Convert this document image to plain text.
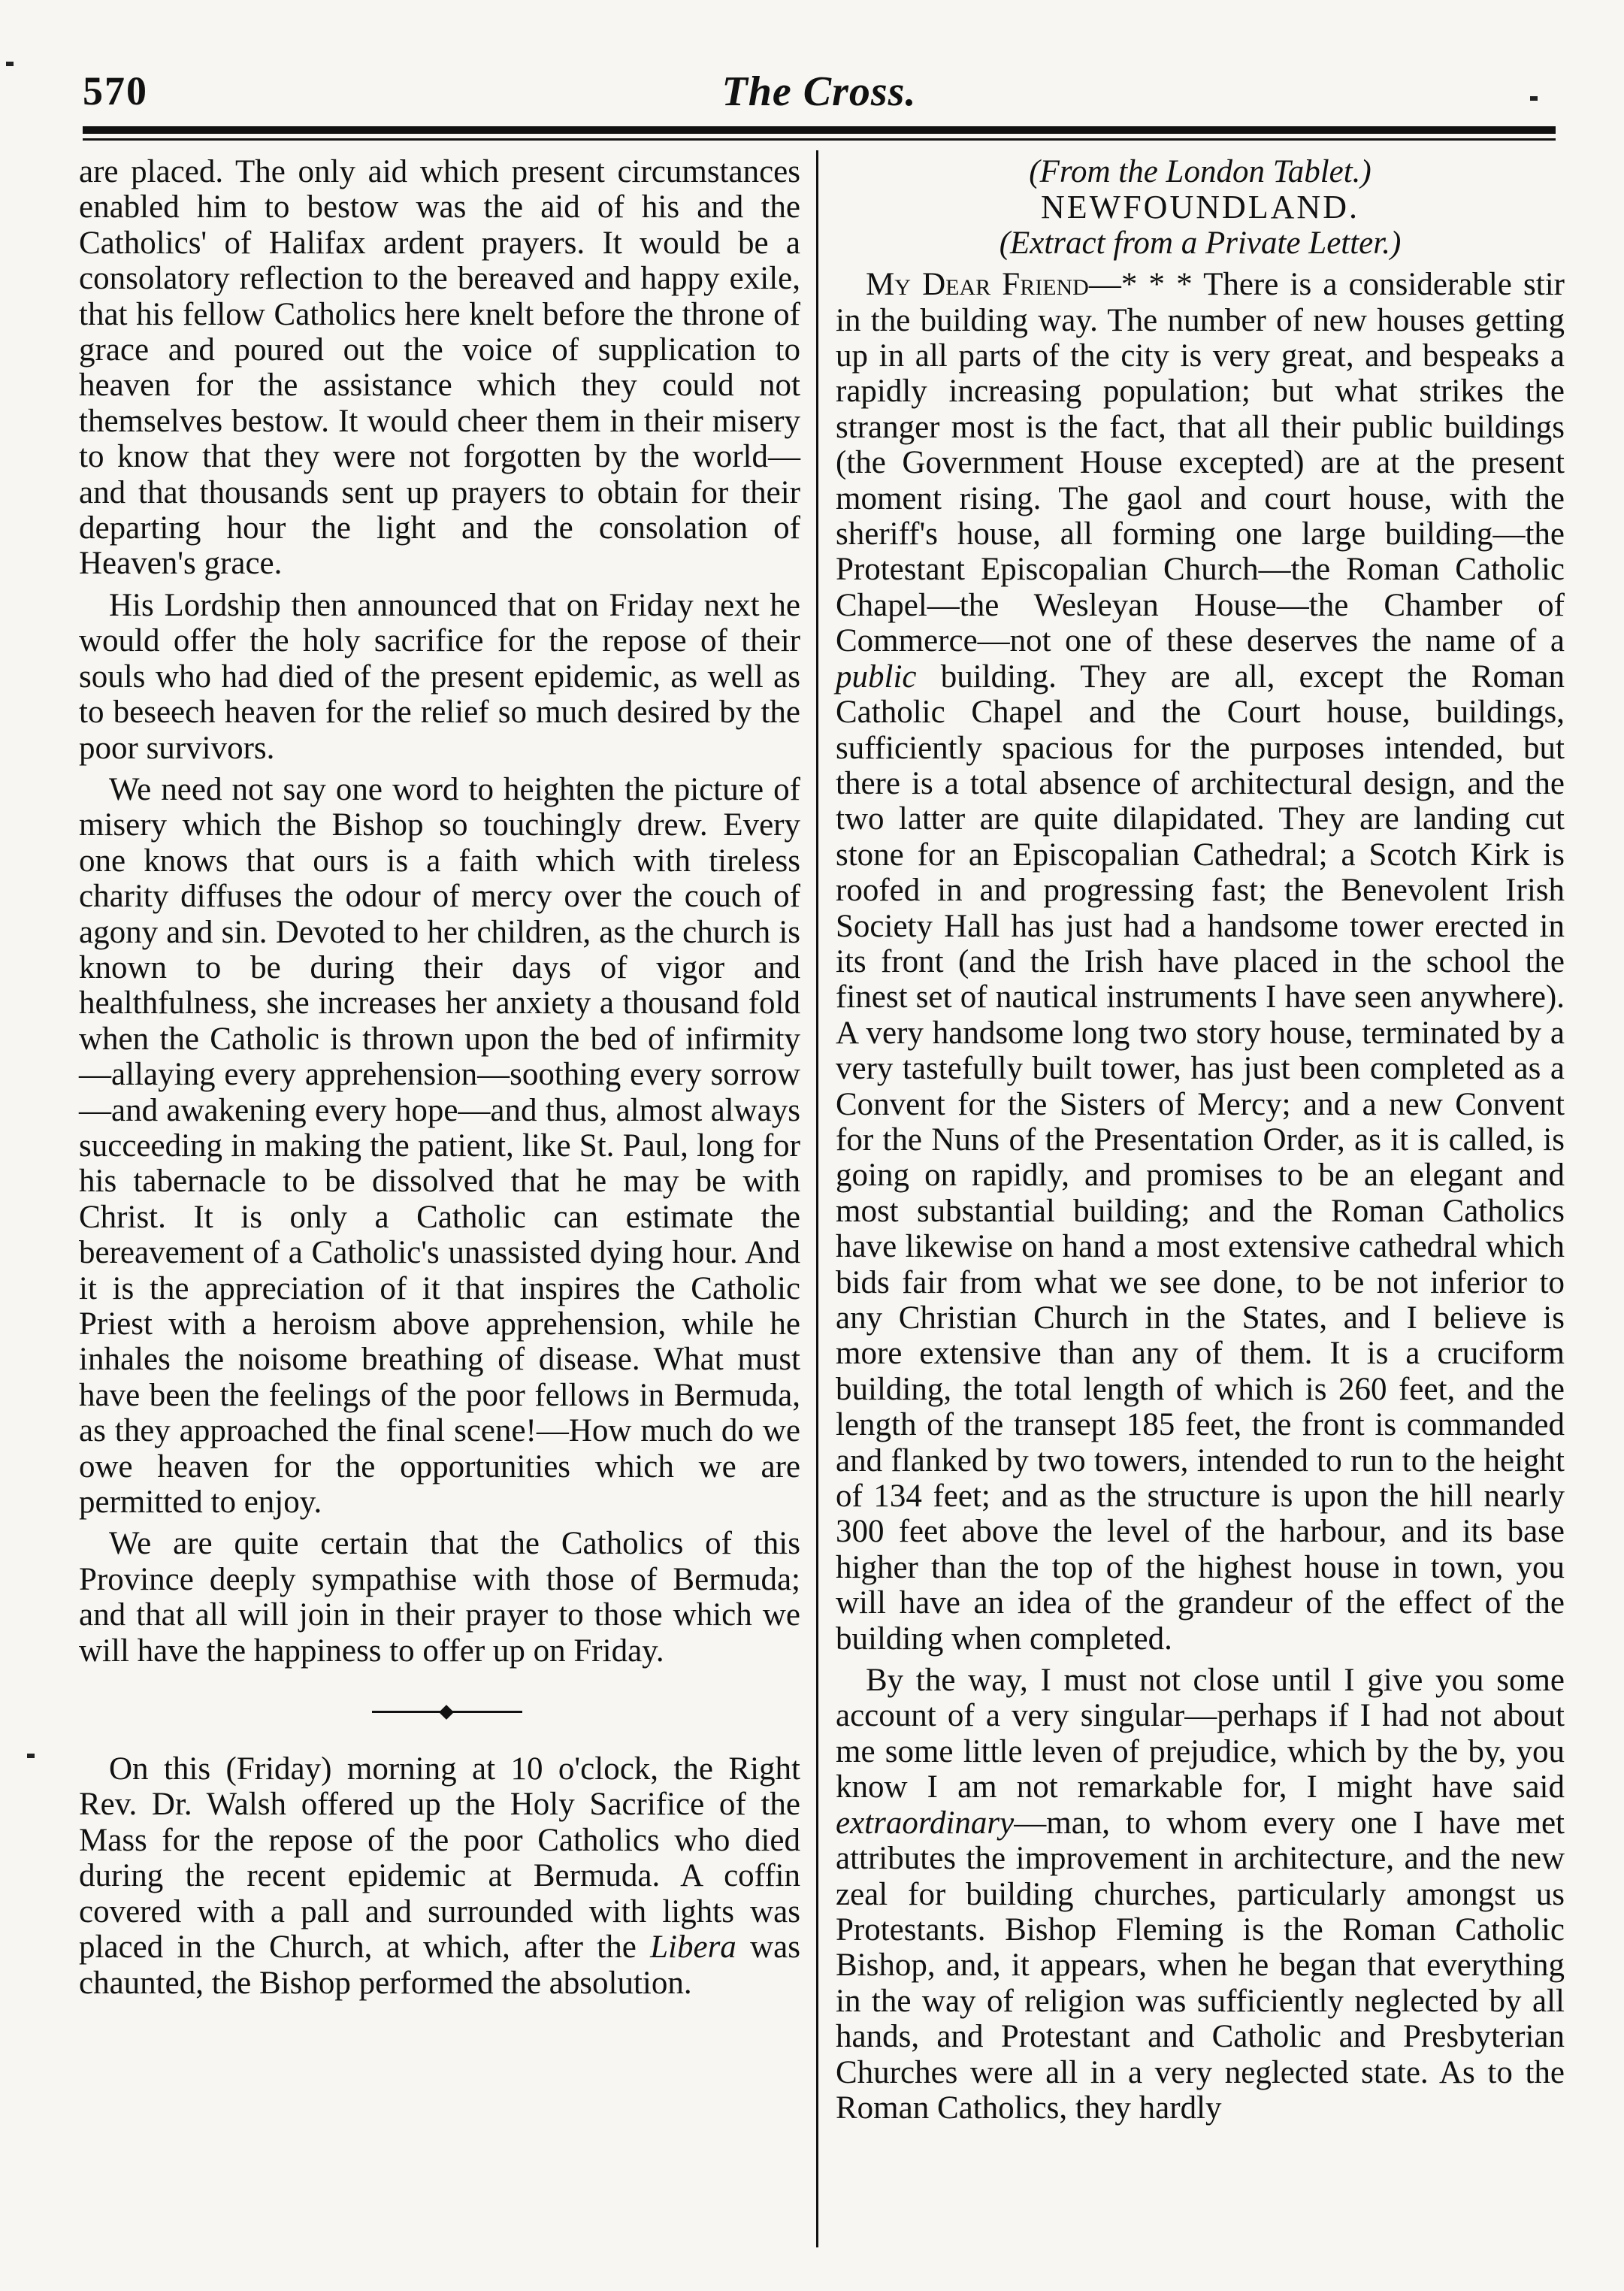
570	The Cross.

are placed. The only aid which present circumstances enabled him to bestow was the aid of his and the Catholics' of Halifax ardent prayers. It would be a consolatory reflection to the bereaved and happy exile, that his fellow Catholics here knelt before the throne of grace and poured out the voice of supplication to heaven for the assistance which they could not themselves bestow. It would cheer them in their misery to know that they were not forgotten by the world—and that thousands sent up prayers to obtain for their departing hour the light and the consolation of Heaven's grace.

His Lordship then announced that on Friday next he would offer the holy sacrifice for the repose of their souls who had died of the present epidemic, as well as to beseech heaven for the relief so much desired by the poor survivors.

We need not say one word to heighten the picture of misery which the Bishop so touchingly drew. Every one knows that ours is a faith which with tireless charity diffuses the odour of mercy over the couch of agony and sin. Devoted to her children, as the church is known to be during their days of vigor and healthfulness, she increases her anxiety a thousand fold when the Catholic is thrown upon the bed of infirmity—allaying every apprehension—soothing every sorrow—and awakening every hope—and thus, almost always succeeding in making the patient, like St. Paul, long for his tabernacle to be dissolved that he may be with Christ. It is only a Catholic can estimate the bereavement of a Catholic's unassisted dying hour. And it is the appreciation of it that inspires the Catholic Priest with a heroism above apprehension, while he inhales the noisome breathing of disease. What must have been the feelings of the poor fellows in Bermuda, as they approached the final scene!—How much do we owe heaven for the opportunities which we are permitted to enjoy.

We are quite certain that the Catholics of this Province deeply sympathise with those of Bermuda; and that all will join in their prayer to those which we will have the happiness to offer up on Friday.

On this (Friday) morning at 10 o'clock, the Right Rev. Dr. Walsh offered up the Holy Sacrifice of the Mass for the repose of the poor Catholics who died during the recent epidemic at Bermuda. A coffin covered with a pall and surrounded with lights was placed in the Church, at which, after the Libera was chaunted, the Bishop performed the absolution.

(From the London Tablet.)

NEWFOUNDLAND.

(Extract from a Private Letter.)

My Dear Friend—* * * There is a considerable stir in the building way. The number of new houses getting up in all parts of the city is very great, and bespeaks a rapidly increasing population; but what strikes the stranger most is the fact, that all their public buildings (the Government House excepted) are at the present moment rising. The gaol and court house, with the sheriff's house, all forming one large building—the Protestant Episcopalian Church—the Roman Catholic Chapel—the Wesleyan House—the Chamber of Commerce—not one of these deserves the name of a public building. They are all, except the Roman Catholic Chapel and the Court house, buildings, sufficiently spacious for the purposes intended, but there is a total absence of architectural design, and the two latter are quite dilapidated. They are landing cut stone for an Episcopalian Cathedral; a Scotch Kirk is roofed in and progressing fast; the Benevolent Irish Society Hall has just had a handsome tower erected in its front (and the Irish have placed in the school the finest set of nautical instruments I have seen anywhere). A very handsome long two story house, terminated by a very tastefully built tower, has just been completed as a Convent for the Sisters of Mercy; and a new Convent for the Nuns of the Presentation Order, as it is called, is going on rapidly, and promises to be an elegant and most substantial building; and the Roman Catholics have likewise on hand a most extensive cathedral which bids fair from what we see done, to be not inferior to any Christian Church in the States, and I believe is more extensive than any of them. It is a cruciform building, the total length of which is 260 feet, and the length of the transept 185 feet, the front is commanded and flanked by two towers, intended to run to the height of 134 feet; and as the structure is upon the hill nearly 300 feet above the level of the harbour, and its base higher than the top of the highest house in town, you will have an idea of the grandeur of the effect of the building when completed.

By the way, I must not close until I give you some account of a very singular—perhaps if I had not about me some little leven of prejudice, which by the by, you know I am not remarkable for, I might have said extraordinary—man, to whom every one I have met attributes the improvement in architecture, and the new zeal for building churches, particularly amongst us Protestants. Bishop Fleming is the Roman Catholic Bishop, and, it appears, when he began that everything in the way of religion was sufficiently neglected by all hands, and Protestant and Catholic and Presbyterian Churches were all in a very neglected state. As to the Roman Catholics, they hardly
